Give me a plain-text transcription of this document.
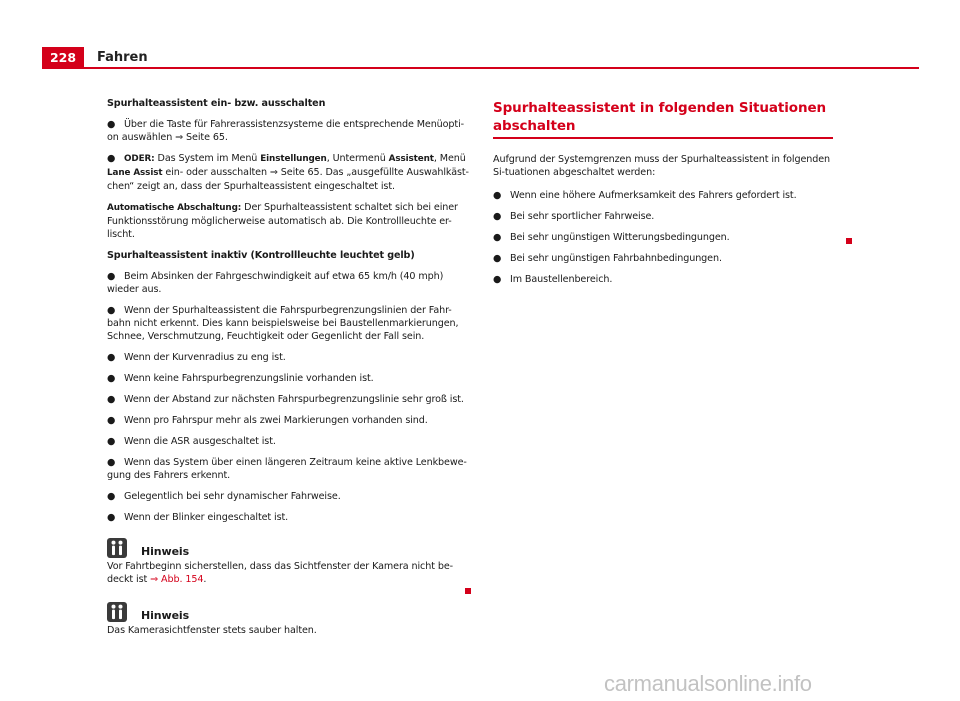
228	Fahren

Spurhalteassistent ein- bzw. ausschalten

● Über die Taste für Fahrerassistenzsysteme die entsprechende Menüopti-on auswählen ⇒ Seite 65.
● ODER: Das System im Menü Einstellungen, Untermenü Assistent, Menü Lane Assist ein- oder ausschalten ⇒ Seite 65. Das „ausgefüllte Auswahlkäst-chen“ zeigt an, dass der Spurhalteassistent eingeschaltet ist.

Automatische Abschaltung: Der Spurhalteassistent schaltet sich bei einer Funktionsstörung möglicherweise automatisch ab. Die Kontrollleuchte er-lischt.

Spurhalteassistent inaktiv (Kontrollleuchte leuchtet gelb)

● Beim Absinken der Fahrgeschwindigkeit auf etwa 65 km/h (40 mph) wieder aus.
● Wenn der Spurhalteassistent die Fahrspurbegrenzungslinien der Fahr-bahn nicht erkennt. Dies kann beispielsweise bei Baustellenmarkierungen, Schnee, Verschmutzung, Feuchtigkeit oder Gegenlicht der Fall sein.
● Wenn der Kurvenradius zu eng ist.
● Wenn keine Fahrspurbegrenzungslinie vorhanden ist.
● Wenn der Abstand zur nächsten Fahrspurbegrenzungslinie sehr groß ist.
● Wenn pro Fahrspur mehr als zwei Markierungen vorhanden sind.
● Wenn die ASR ausgeschaltet ist.
● Wenn das System über einen längeren Zeitraum keine aktive Lenkbewe-gung des Fahrers erkennt.
● Gelegentlich bei sehr dynamischer Fahrweise.
● Wenn der Blinker eingeschaltet ist.
Hinweis

Vor Fahrtbeginn sicherstellen, dass das Sichtfenster der Kamera nicht be-deckt ist ⇒ Abb. 154.

Hinweis

Das Kamerasichtfenster stets sauber halten.

Spurhalteassistent in folgenden Situationen abschalten

Aufgrund der Systemgrenzen muss der Spurhalteassistent in folgenden Si-tuationen abgeschaltet werden:

● Wenn eine höhere Aufmerksamkeit des Fahrers gefordert ist.
● Bei sehr sportlicher Fahrweise.
● Bei sehr ungünstigen Witterungsbedingungen.
● Bei sehr ungünstigen Fahrbahnbedingungen.
● Im Baustellenbereich.
carmanualsonline.info
